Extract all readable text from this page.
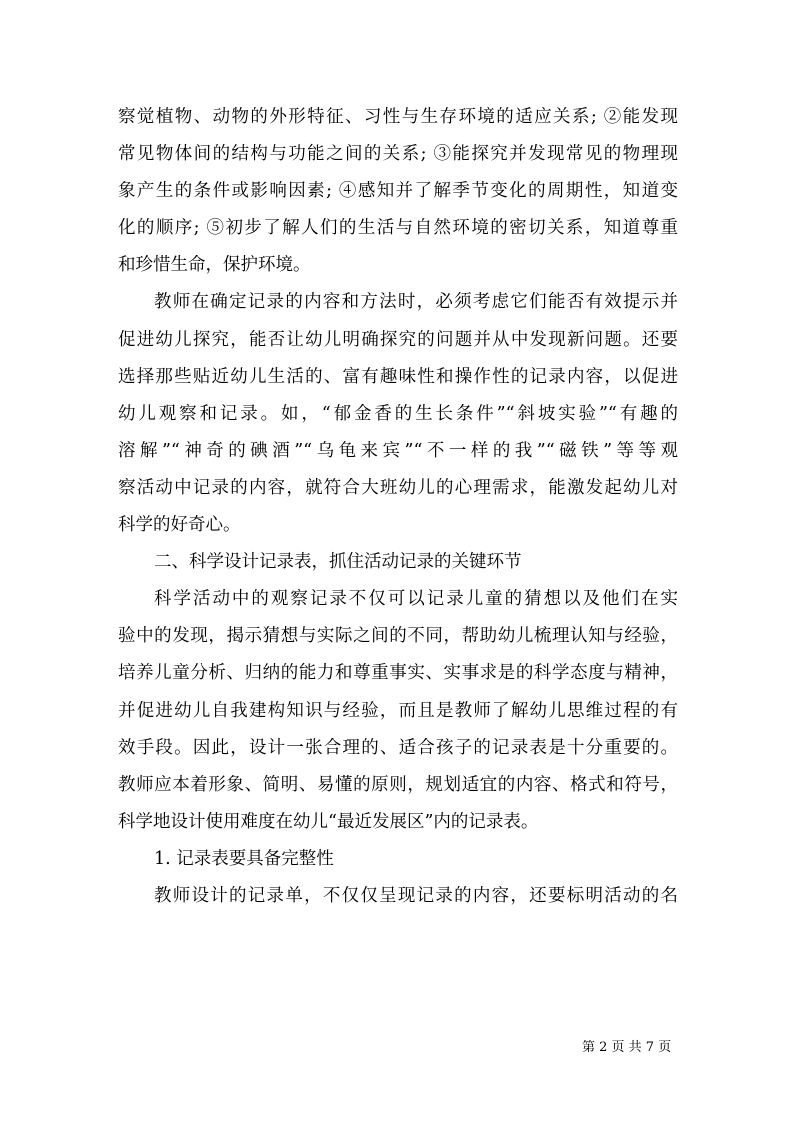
察觉植物、动物的外形特征、习性与生存环境的适应关系; ②能发现
常见物体间的结构与功能之间的关系; ③能探究并发现常见的物理现
象产生的条件或影响因素; ④感知并了解季节变化的周期性，知道变
化的顺序; ⑤初步了解人们的生活与自然环境的密切关系，知道尊重
和珍惜生命，保护环境。
教师在确定记录的内容和方法时，必须考虑它们能否有效提示并
促进幼儿探究，能否让幼儿明确探究的问题并从中发现新问题。还要
选择那些贴近幼儿生活的、富有趣味性和操作性的记录内容，以促进
幼儿观察和记录。如，“郁金香的生长条件”“斜坡实验”“有趣的
溶解”“神奇的碘酒”“乌龟来宾”“不一样的我”“磁铁”等等观
察活动中记录的内容，就符合大班幼儿的心理需求，能激发起幼儿对
科学的好奇心。
二、科学设计记录表，抓住活动记录的关键环节
科学活动中的观察记录不仅可以记录儿童的猜想以及他们在实
验中的发现，揭示猜想与实际之间的不同，帮助幼儿梳理认知与经验，
培养儿童分析、归纳的能力和尊重事实、实事求是的科学态度与精神，
并促进幼儿自我建构知识与经验，而且是教师了解幼儿思维过程的有
效手段。因此，设计一张合理的、适合孩子的记录表是十分重要的。
教师应本着形象、简明、易懂的原则，规划适宜的内容、格式和符号，
科学地设计使用难度在幼儿“最近发展区”内的记录表。
1. 记录表要具备完整性
教师设计的记录单，不仅仅呈现记录的内容，还要标明活动的名
第 2 页 共 7 页
